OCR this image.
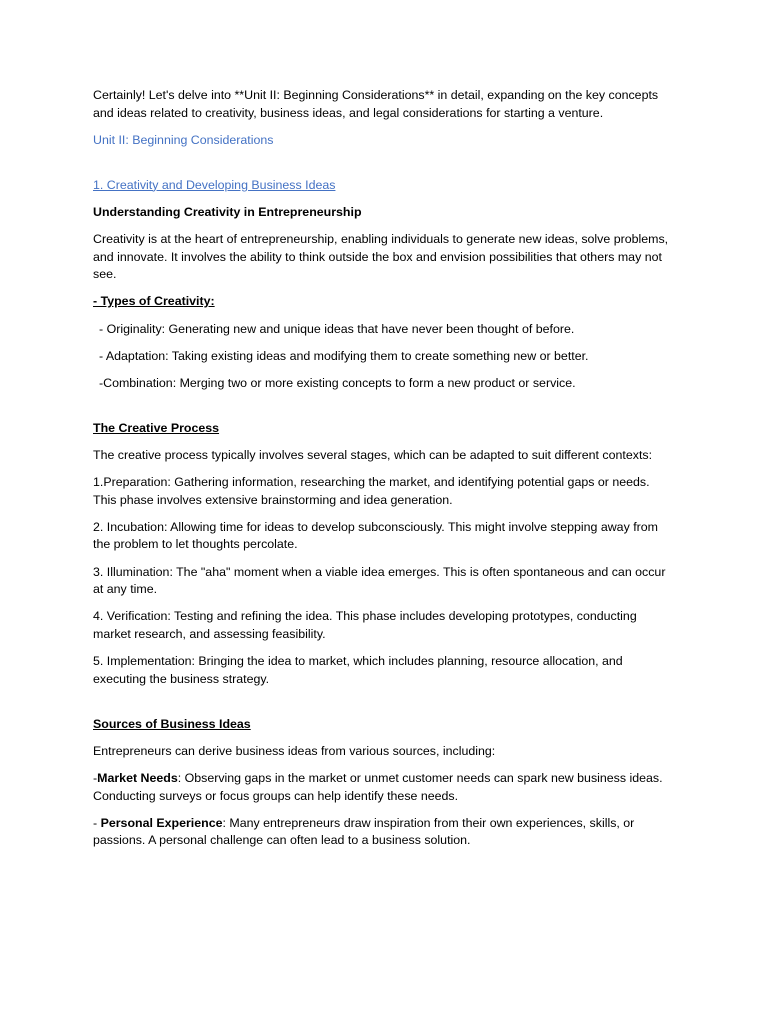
Certainly! Let's delve into **Unit II: Beginning Considerations** in detail, expanding on the key concepts and ideas related to creativity, business ideas, and legal considerations for starting a venture.

Unit II: Beginning Considerations

1. Creativity and Developing Business Ideas

Understanding Creativity in Entrepreneurship

Creativity is at the heart of entrepreneurship, enabling individuals to generate new ideas, solve problems, and innovate. It involves the ability to think outside the box and envision possibilities that others may not see.

- Types of Creativity:

- Originality: Generating new and unique ideas that have never been thought of before.

- Adaptation: Taking existing ideas and modifying them to create something new or better.

-Combination: Merging two or more existing concepts to form a new product or service.

The Creative Process

The creative process typically involves several stages, which can be adapted to suit different contexts:

1.Preparation: Gathering information, researching the market, and identifying potential gaps or needs. This phase involves extensive brainstorming and idea generation.

2. Incubation: Allowing time for ideas to develop subconsciously. This might involve stepping away from the problem to let thoughts percolate.

3. Illumination: The "aha" moment when a viable idea emerges. This is often spontaneous and can occur at any time.

4. Verification: Testing and refining the idea. This phase includes developing prototypes, conducting market research, and assessing feasibility.

5. Implementation: Bringing the idea to market, which includes planning, resource allocation, and executing the business strategy.

Sources of Business Ideas

Entrepreneurs can derive business ideas from various sources, including:

-Market Needs: Observing gaps in the market or unmet customer needs can spark new business ideas. Conducting surveys or focus groups can help identify these needs.

- Personal Experience: Many entrepreneurs draw inspiration from their own experiences, skills, or passions. A personal challenge can often lead to a business solution.
